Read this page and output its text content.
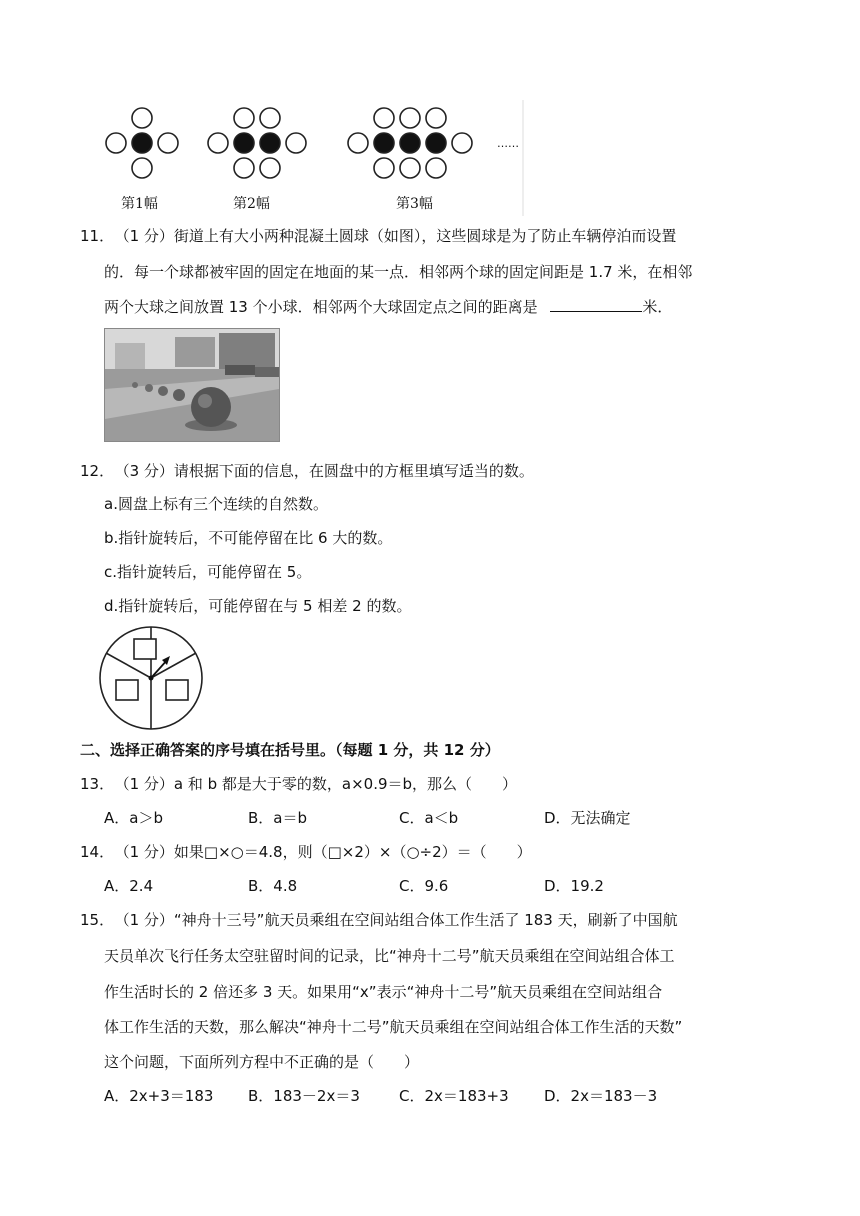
第1幅	第2幅	第3幅
……
11． （1 分）街道上有大小两种混凝土圆球（如图），这些圆球是为了防止车辆停泊而设置
的．每一个球都被牢固的固定在地面的某一点．相邻两个球的固定间距是 1.7 米，在相邻
两个大球之间放置 13 个小球．相邻两个大球固定点之间的距离是	米．
12． （3 分）请根据下面的信息，在圆盘中的方框里填写适当的数。
a.圆盘上标有三个连续的自然数。
b.指针旋转后，不可能停留在比 6 大的数。
c.指针旋转后，可能停留在 5。
d.指针旋转后，可能停留在与 5 相差 2 的数。
二、选择正确答案的序号填在括号里。（每题 1 分，共 12 分）
13． （1 分）a 和 b 都是大于零的数，a×0.9＝b，那么（　　）
A．a＞b	B．a＝b	C．a＜b	D．无法确定
14． （1 分）如果□×○＝4.8，则（□×2）×（○÷2）＝（　　）
A．2.4	B．4.8	C．9.6	D．19.2
15． （1 分）“神舟十三号”航天员乘组在空间站组合体工作生活了 183 天，刷新了中国航
天员单次飞行任务太空驻留时间的记录，比“神舟十二号”航天员乘组在空间站组合体工
作生活时长的 2 倍还多 3 天。如果用“x”表示“神舟十二号”航天员乘组在空间站组合
体工作生活的天数，那么解决“神舟十二号”航天员乘组在空间站组合体工作生活的天数”
这个问题，下面所列方程中不正确的是（　　）
A．2x+3＝183 B．183－2x＝3	C．2x＝183+3 D．2x＝183－3
